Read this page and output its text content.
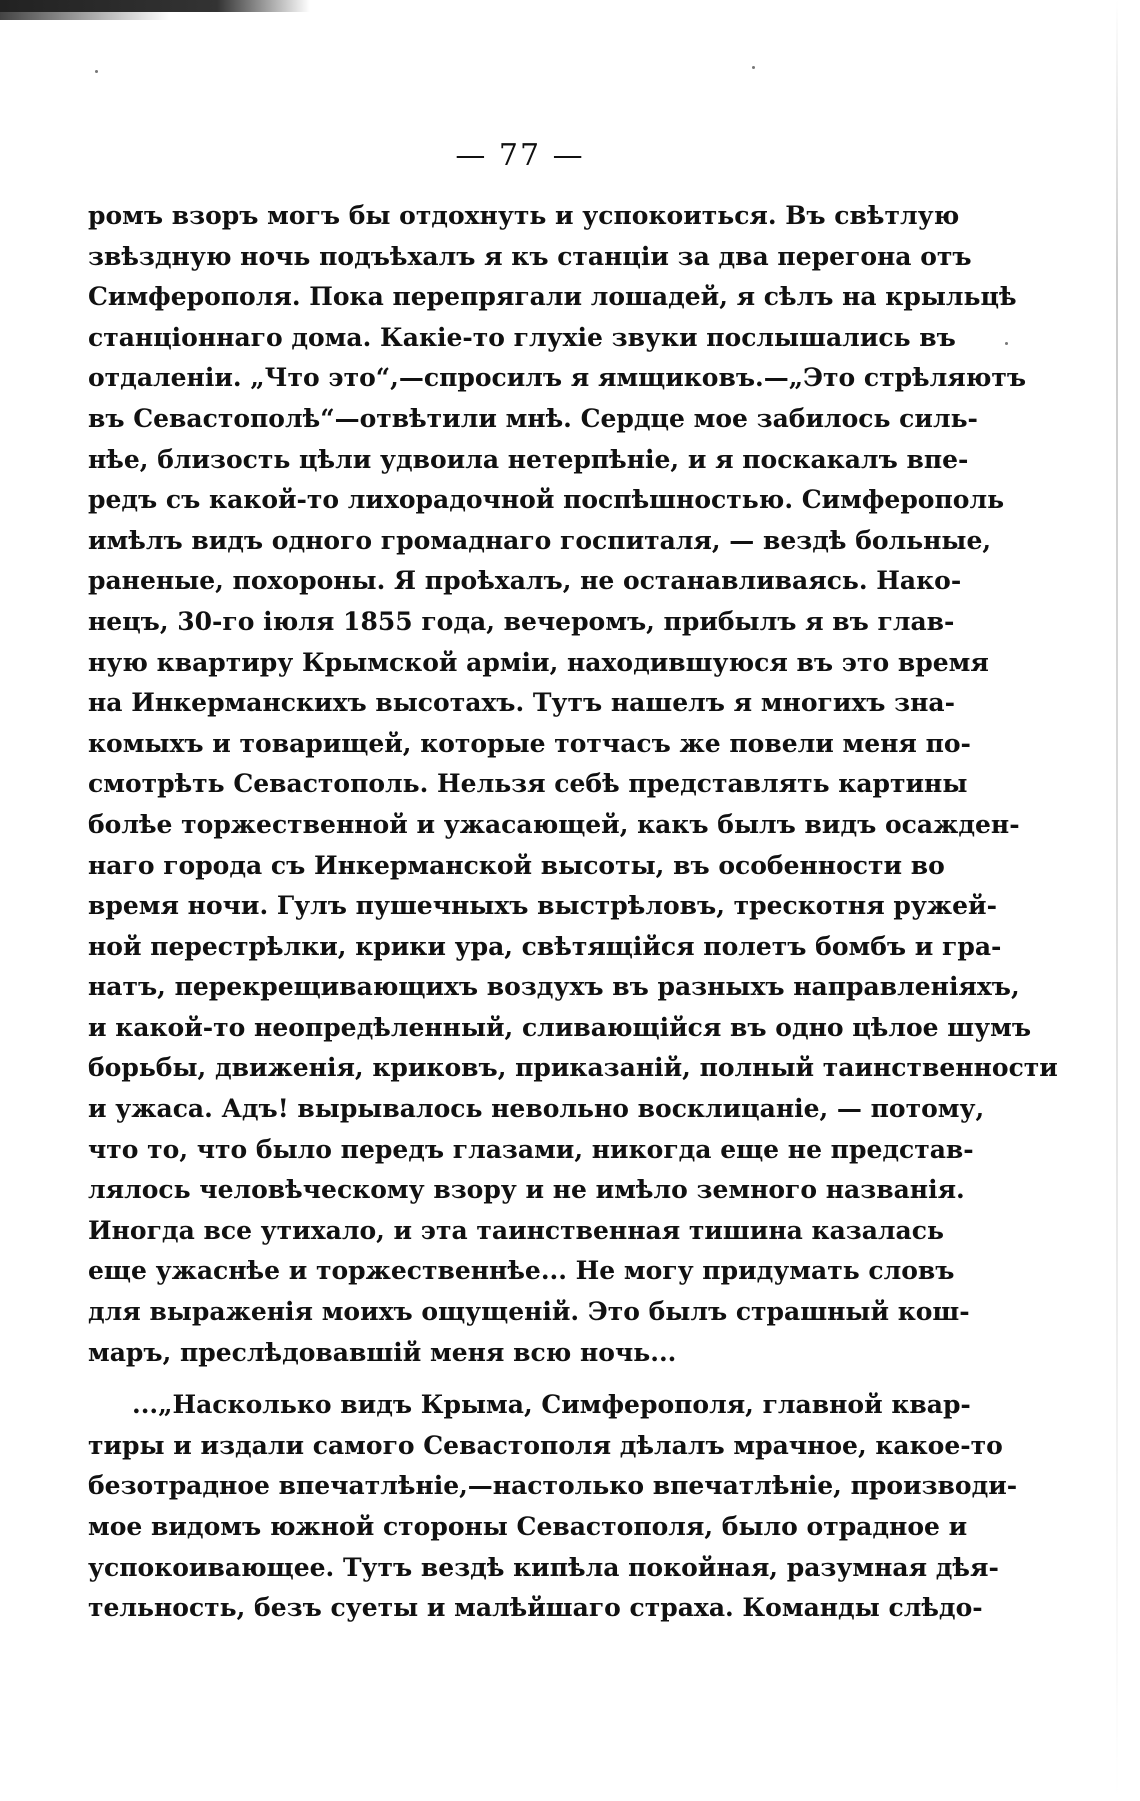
— 77 —
ромъ взоръ могъ бы отдохнуть и успокоиться. Въ свѣтлую
звѣздную ночь подъѣхалъ я къ станціи за два перегона отъ
Симферополя. Пока перепрягали лошадей, я сѣлъ на крыльцѣ
станціоннаго дома. Какіе-то глухіе звуки послышались въ
отдаленіи. „Что это“,—спросилъ я ямщиковъ.—„Это стрѣляютъ
въ Севастополѣ“—отвѣтили мнѣ. Сердце мое забилось силь-
нѣе, близость цѣли удвоила нетерпѣніе, и я поскакалъ впе-
редъ съ какой-то лихорадочной поспѣшностью. Симферополь
имѣлъ видъ одного громаднаго госпиталя, — вездѣ больные,
раненые, похороны. Я проѣхалъ, не останавливаясь. Нако-
нецъ, 30-го іюля 1855 года, вечеромъ, прибылъ я въ глав-
ную квартиру Крымской арміи, находившуюся въ это время
на Инкерманскихъ высотахъ. Тутъ нашелъ я многихъ зна-
комыхъ и товарищей, которые тотчасъ же повели меня по-
смотрѣть Севастополь. Нельзя себѣ представлять картины
болѣе торжественной и ужасающей, какъ былъ видъ осажден-
наго города съ Инкерманской высоты, въ особенности во
время ночи. Гулъ пушечныхъ выстрѣловъ, трескотня ружей-
ной перестрѣлки, крики ура, свѣтящійся полетъ бомбъ и гра-
натъ, перекрещивающихъ воздухъ въ разныхъ направленіяхъ,
и какой-то неопредѣленный, сливающійся въ одно цѣлое шумъ
борьбы, движенія, криковъ, приказаній, полный таинственности
и ужаса. Адъ! вырывалось невольно восклицаніе, — потому,
что то, что было передъ глазами, никогда еще не представ-
лялось человѣческому взору и не имѣло земного названія.
Иногда все утихало, и эта таинственная тишина казалась
еще ужаснѣе и торжественнѣе... Не могу придумать словъ
для выраженія моихъ ощущеній. Это былъ страшный кош-
маръ, преслѣдовавшій меня всю ночь...
...„Насколько видъ Крыма, Симферополя, главной квар-
тиры и издали самого Севастополя дѣлалъ мрачное, какое-то
безотрадное впечатлѣніе,—настолько впечатлѣніе, производи-
мое видомъ южной стороны Севастополя, было отрадное и
успокоивающее. Тутъ вездѣ кипѣла покойная, разумная дѣя-
тельность, безъ суеты и малѣйшаго страха. Команды слѣдо-
